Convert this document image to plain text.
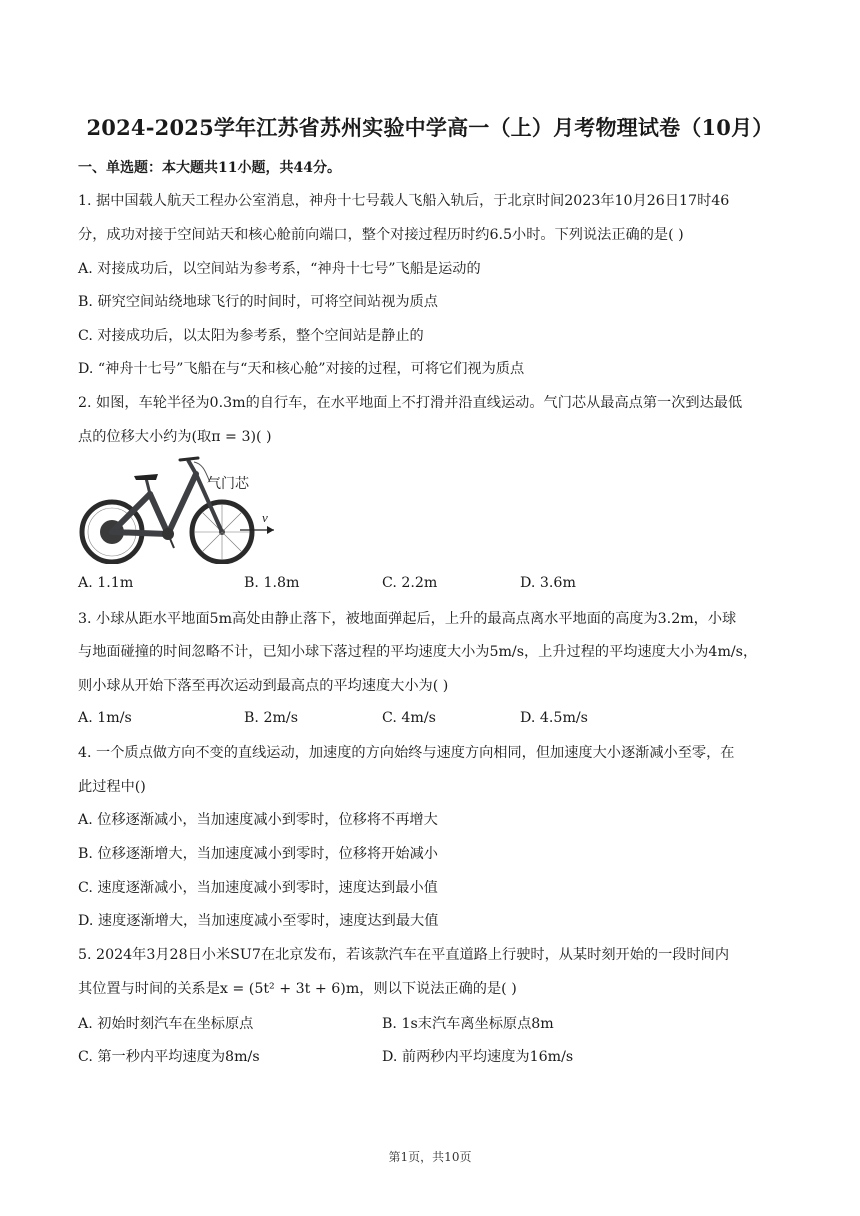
2024-2025学年江苏省苏州实验中学高一（上）月考物理试卷（10月）
一、单选题：本大题共11小题，共44分。
1. 据中国载人航天工程办公室消息，神舟十七号载人飞船入轨后，于北京时间2023年10月26日17时46
分，成功对接于空间站天和核心舱前向端口，整个对接过程历时约6.5小时。下列说法正确的是( )
A. 对接成功后，以空间站为参考系，“神舟十七号”飞船是运动的
B. 研究空间站绕地球飞行的时间时，可将空间站视为质点
C. 对接成功后，以太阳为参考系，整个空间站是静止的
D. “神舟十七号”飞船在与“天和核心舱”对接的过程，可将它们视为质点
2. 如图，车轮半径为0.3m的自行车，在水平地面上不打滑并沿直线运动。气门芯从最高点第一次到达最低
点的位移大小约为(取π = 3)( )
气门芯
v
A. 1.1m	B. 1.8m	C. 2.2m	D. 3.6m
3. 小球从距水平地面5m高处由静止落下，被地面弹起后，上升的最高点离水平地面的高度为3.2m，小球
与地面碰撞的时间忽略不计，已知小球下落过程的平均速度大小为5m/s，上升过程的平均速度大小为4m/s，
则小球从开始下落至再次运动到最高点的平均速度大小为( )
A. 1m/s	B. 2m/s	C. 4m/s	D. 4.5m/s
4. 一个质点做方向不变的直线运动，加速度的方向始终与速度方向相同，但加速度大小逐渐减小至零，在
此过程中()
A. 位移逐渐减小，当加速度减小到零时，位移将不再增大
B. 位移逐渐增大，当加速度减小到零时，位移将开始减小
C. 速度逐渐减小，当加速度减小到零时，速度达到最小值
D. 速度逐渐增大，当加速度减小至零时，速度达到最大值
5. 2024年3月28日小米SU7在北京发布，若该款汽车在平直道路上行驶时，从某时刻开始的一段时间内
其位置与时间的关系是x = (5t² + 3t + 6)m，则以下说法正确的是( )
A. 初始时刻汽车在坐标原点	B. 1s末汽车离坐标原点8m
C. 第一秒内平均速度为8m/s	D. 前两秒内平均速度为16m/s
第1页，共10页
